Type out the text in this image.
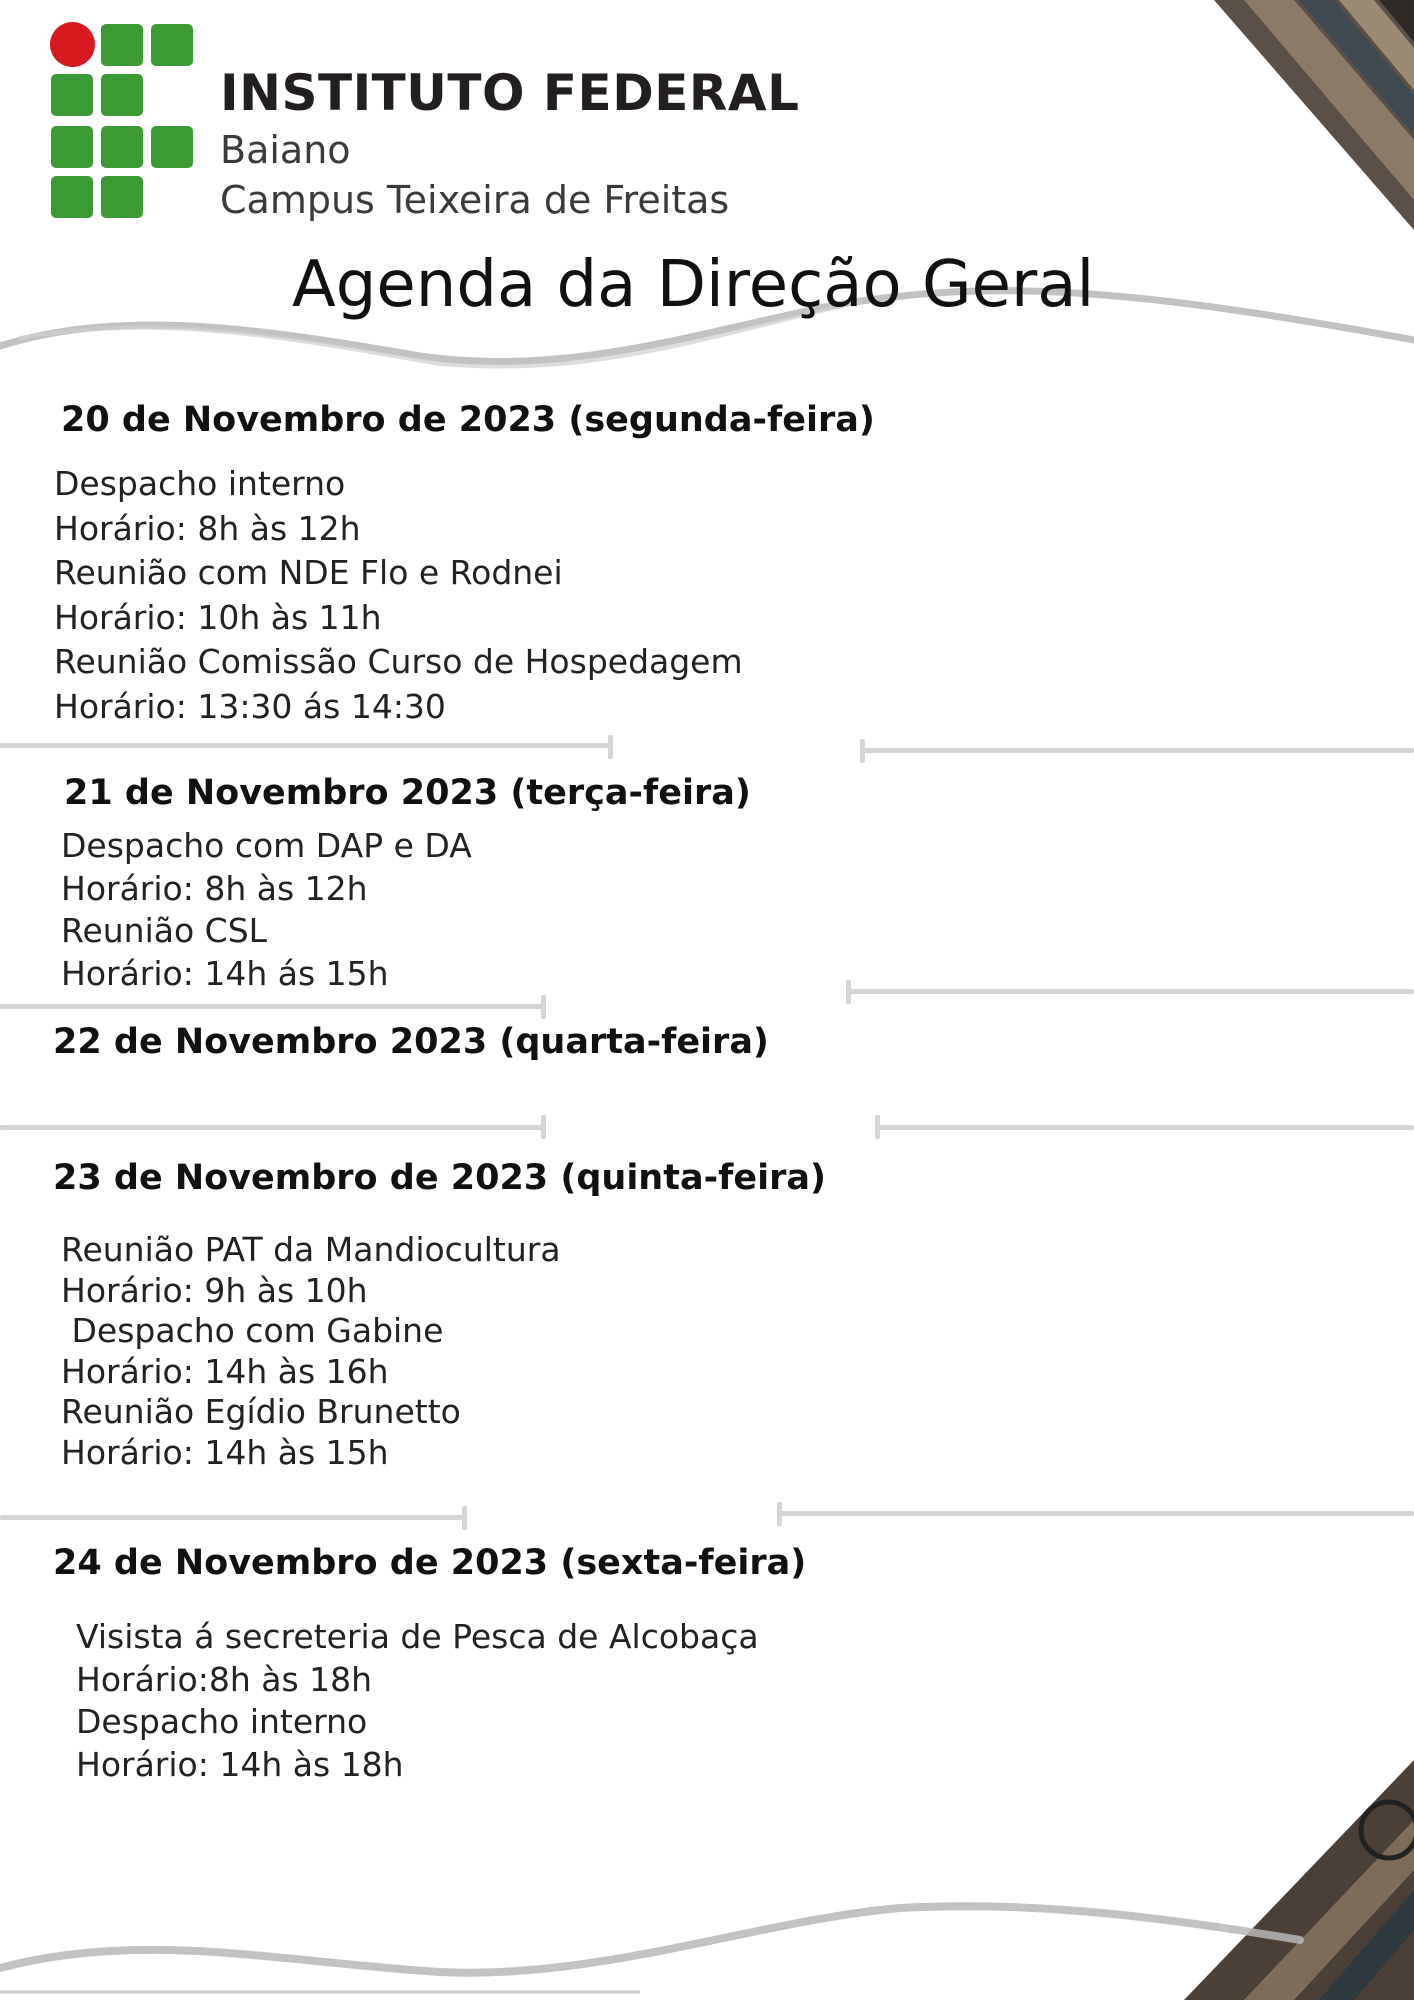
INSTITUTO FEDERAL
Baiano
Campus Teixeira de Freitas
Agenda da Direção Geral
20 de Novembro de 2023 (segunda-feira)
Despacho interno
Horário: 8h às 12h
Reunião com NDE Flo e Rodnei
Horário: 10h às 11h
Reunião Comissão Curso de Hospedagem
Horário: 13:30 ás 14:30
21 de Novembro 2023 (terça-feira)
Despacho com DAP e DA
Horário: 8h às 12h
Reunião CSL
Horário: 14h ás 15h
22 de Novembro 2023 (quarta-feira)
23 de Novembro de 2023 (quinta-feira)
Reunião PAT da Mandiocultura
Horário: 9h às 10h
Despacho com Gabine
Horário: 14h às 16h
Reunião Egídio Brunetto
Horário: 14h às 15h
24 de Novembro de 2023 (sexta-feira)
Visista á secreteria de Pesca de Alcobaça
Horário:8h às 18h
Despacho interno
Horário: 14h às 18h
